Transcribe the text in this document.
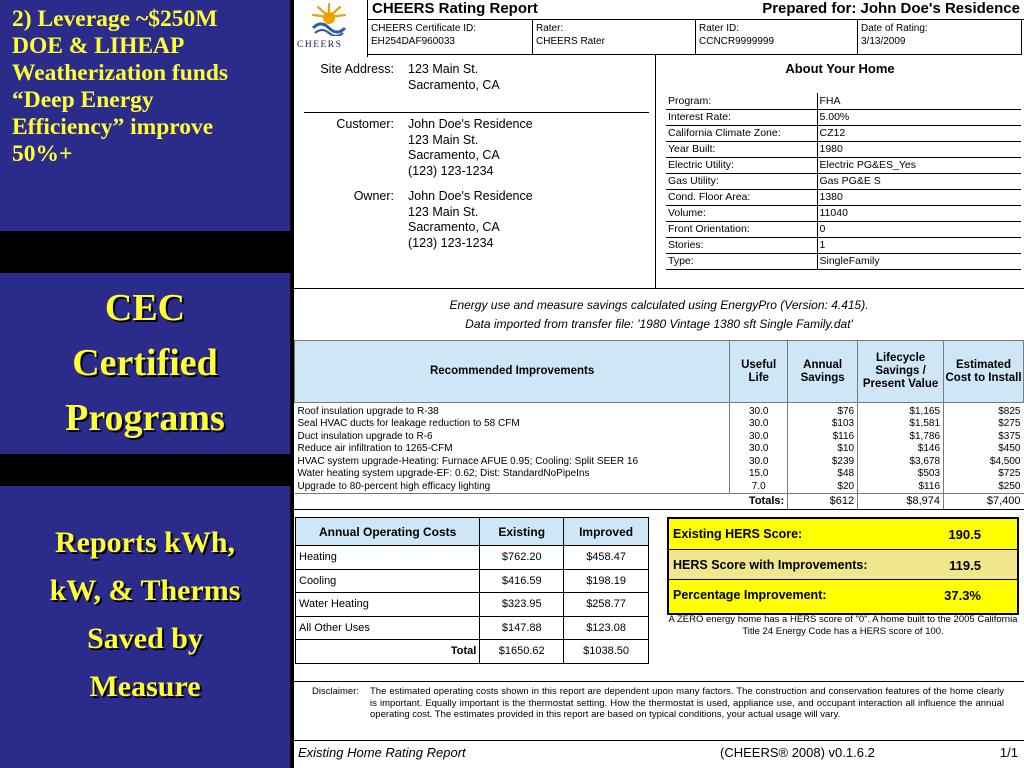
2) Leverage ~$250M
DOE & LIHEAP
Weatherization funds
“Deep Energy
Efficiency” improve
50%+
CEC
Certified
Programs
Reports kWh,
kW, & Therms
Saved by
Measure
CHEERS
CHEERS Rating Report	Prepared for: John Doe's Residence
CHEERS Certificate ID:
EH254DAF960033
Rater:
CHEERS Rater
Rater ID:
CCNCR9999999
Date of Rating:
3/13/2009
Site Address: 123 Main St.
Sacramento, CA
Customer: John Doe's Residence
123 Main St.
Sacramento, CA
(123) 123-1234
Owner: John Doe's Residence
123 Main St.
Sacramento, CA
(123) 123-1234
About Your Home
Program:	FHA
Interest Rate:	5.00%
California Climate Zone:	CZ12
Year Built:	1980
Electric Utility:	Electric PG&ES_Yes
Gas Utility:	Gas PG&E S
Cond. Floor Area:	1380
Volume:	11040
Front Orientation:	0
Stories:	1
Type:	SingleFamily
Energy use and measure savings calculated using EnergyPro (Version: 4.415).
Data imported from transfer file: '1980 Vintage 1380 sft Single Family.dat'
Recommended Improvements	Useful Life	Annual Savings	Lifecycle Savings / Present Value	Estimated Cost to Install

Roof insulation upgrade to R-38	30.0	$76	$1,165	$825
Seal HVAC ducts for leakage reduction to 58 CFM	30.0	$103	$1,581	$275
Duct insulation upgrade to R-6	30.0	$116	$1,786	$375
Reduce air infiltration to 1265-CFM	30.0	$10	$146	$450
HVAC system upgrade-Heating: Furnace AFUE 0.95; Cooling: Split SEER 16	30.0	$239	$3,678	$4,500
Water heating system upgrade-EF: 0.62; Dist: StandardNoPipeIns	15.0	$48	$503	$725
Upgrade to 80-percent high efficacy lighting	7.0	$20	$116	$250
	Totals:	$612	$8,974	$7,400
Annual Operating Costs	Existing	Improved
Heating	$762.20	$458.47
Cooling	$416.59	$198.19
Water Heating	$323.95	$258.77
All Other Uses	$147.88	$123.08
Total	$1650.62	$1038.50
Existing HERS Score:	190.5
HERS Score with Improvements:	119.5
Percentage Improvement:	37.3%
A ZERO energy home has a HERS score of "0". A home built to the 2005 California Title 24 Energy Code has a HERS score of 100.
Disclaimer: The estimated operating costs shown in this report are dependent upon many factors. The construction and conservation features of the home clearly is important. Equally important is the thermostat setting. How the thermostat is used, appliance use, and occupant interaction all influence the annual operating cost. The estimates provided in this report are based on typical conditions, your actual usage will vary.
Existing Home Rating Report	(CHEERS® 2008) v0.1.6.2	1/1
